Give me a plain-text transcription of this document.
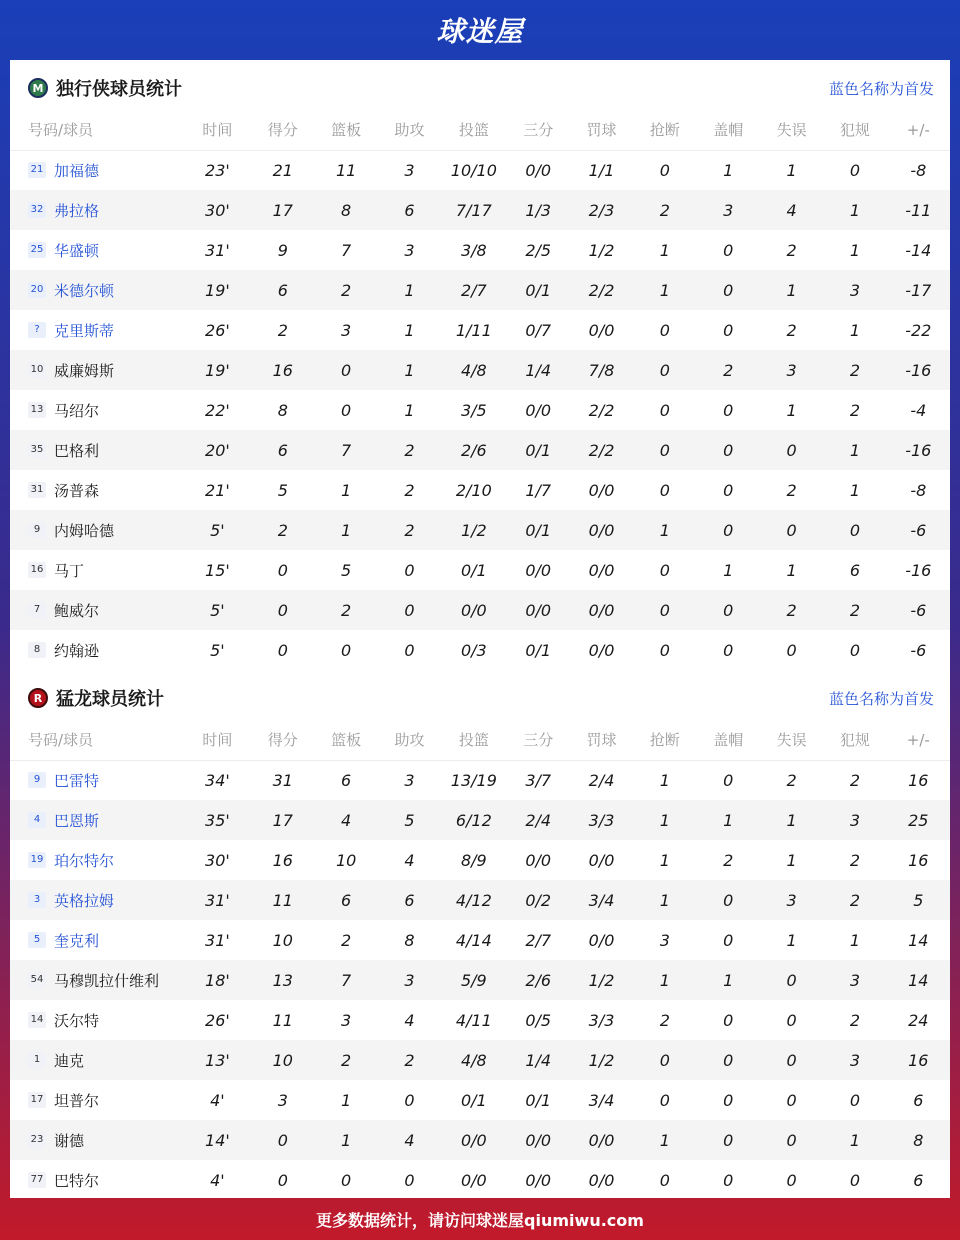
球迷屋
M 独行侠球员统计	蓝色名称为首发
号码/球员	时间	得分	篮板	助攻	投篮	三分	罚球	抢断	盖帽	失误	犯规	+/-
21 加福德	23'	21	11	3	10/10	0/0	1/1	0	1	1	0	-8
32 弗拉格	30'	17	8	6	7/17	1/3	2/3	2	3	4	1	-11
25 华盛顿	31'	9	7	3	3/8	2/5	1/2	1	0	2	1	-14
20 米德尔顿	19'	6	2	1	2/7	0/1	2/2	1	0	1	3	-17
? 克里斯蒂	26'	2	3	1	1/11	0/7	0/0	0	0	2	1	-22
10 威廉姆斯	19'	16	0	1	4/8	1/4	7/8	0	2	3	2	-16
13 马绍尔	22'	8	0	1	3/5	0/0	2/2	0	0	1	2	-4
35 巴格利	20'	6	7	2	2/6	0/1	2/2	0	0	0	1	-16
31 汤普森	21'	5	1	2	2/10	1/7	0/0	0	0	2	1	-8
9 内姆哈德	5'	2	1	2	1/2	0/1	0/0	1	0	0	0	-6
16 马丁	15'	0	5	0	0/1	0/0	0/0	0	1	1	6	-16
7 鲍威尔	5'	0	2	0	0/0	0/0	0/0	0	0	2	2	-6
8 约翰逊	5'	0	0	0	0/3	0/1	0/0	0	0	0	0	-6
R 猛龙球员统计	蓝色名称为首发
号码/球员	时间	得分	篮板	助攻	投篮	三分	罚球	抢断	盖帽	失误	犯规	+/-
9 巴雷特	34'	31	6	3	13/19	3/7	2/4	1	0	2	2	16
4 巴恩斯	35'	17	4	5	6/12	2/4	3/3	1	1	1	3	25
19 珀尔特尔	30'	16	10	4	8/9	0/0	0/0	1	2	1	2	16
3 英格拉姆	31'	11	6	6	4/12	0/2	3/4	1	0	3	2	5
5 奎克利	31'	10	2	8	4/14	2/7	0/0	3	0	1	1	14
54 马穆凯拉什维利	18'	13	7	3	5/9	2/6	1/2	1	1	0	3	14
14 沃尔特	26'	11	3	4	4/11	0/5	3/3	2	0	0	2	24
1 迪克	13'	10	2	2	4/8	1/4	1/2	0	0	0	3	16
17 坦普尔	4'	3	1	0	0/1	0/1	3/4	0	0	0	0	6
23 谢德	14'	0	1	4	0/0	0/0	0/0	1	0	0	1	8
77 巴特尔	4'	0	0	0	0/0	0/0	0/0	0	0	0	0	6
更多数据统计，请访问球迷屋qiumiwu.com
